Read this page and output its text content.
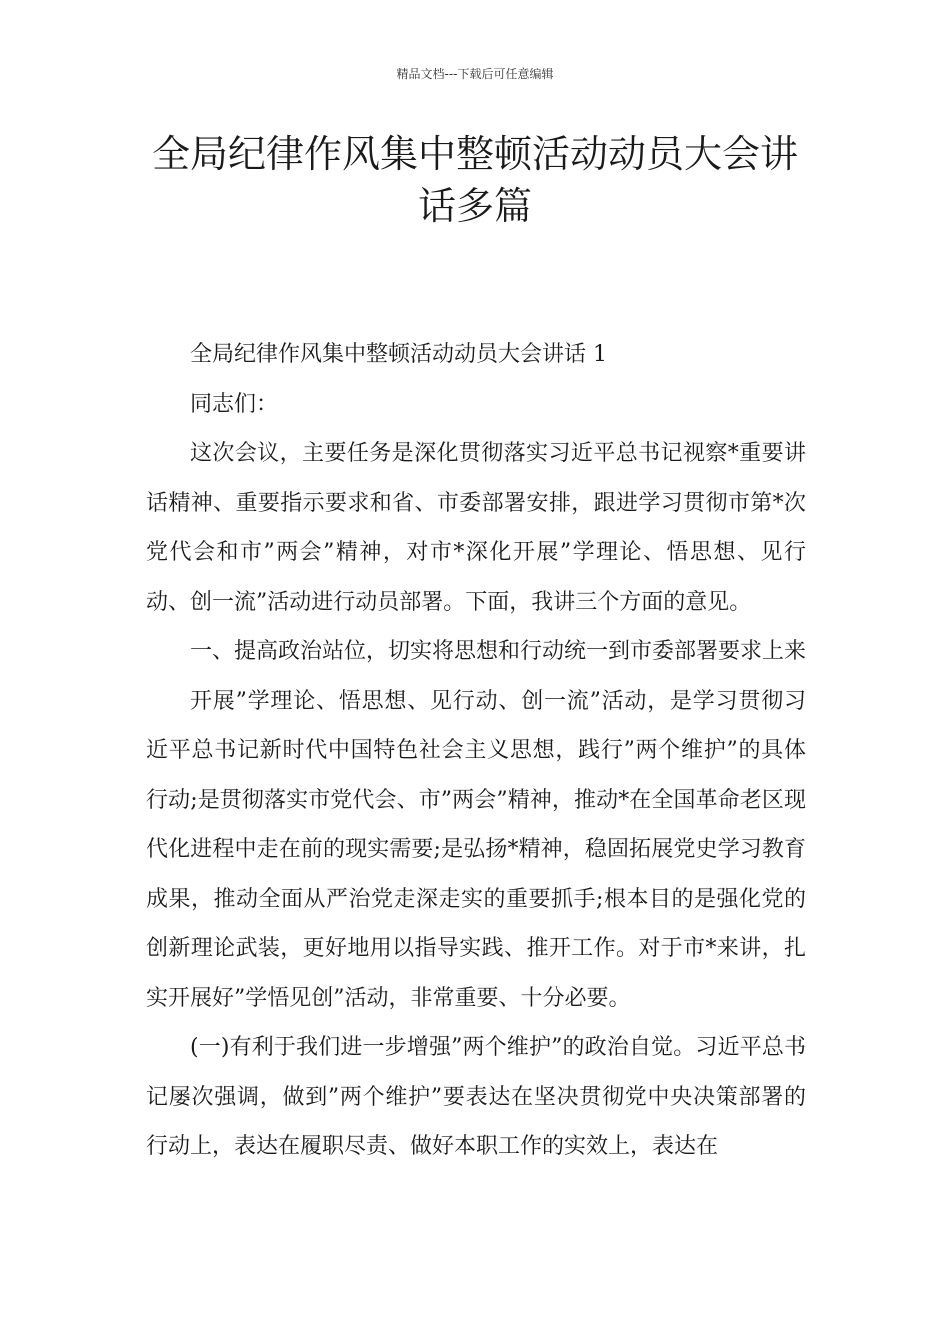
精品文档---下载后可任意编辑
全局纪律作风集中整顿活动动员大会讲话多篇

全局纪律作风集中整顿活动动员大会讲话 1

同志们：

这次会议，主要任务是深化贯彻落实习近平总书记视察*重要讲话精神、重要指示要求和省、市委部署安排，跟进学习贯彻市第*次党代会和市”两会”精神，对市*深化开展”学理论、悟思想、见行动、创一流”活动进行动员部署。下面，我讲三个方面的意见。

一、提高政治站位，切实将思想和行动统一到市委部署要求上来

开展”学理论、悟思想、见行动、创一流”活动，是学习贯彻习近平总书记新时代中国特色社会主义思想，践行”两个维护”的具体行动;是贯彻落实市党代会、市”两会”精神，推动*在全国革命老区现代化进程中走在前的现实需要;是弘扬*精神，稳固拓展党史学习教育成果，推动全面从严治党走深走实的重要抓手;根本目的是强化党的创新理论武装，更好地用以指导实践、推开工作。对于市*来讲，扎实开展好”学悟见创”活动，非常重要、十分必要。

(一)有利于我们进一步增强”两个维护”的政治自觉。习近平总书记屡次强调，做到”两个维护”要表达在坚决贯彻党中央决策部署的行动上，表达在履职尽责、做好本职工作的实效上，表达在
